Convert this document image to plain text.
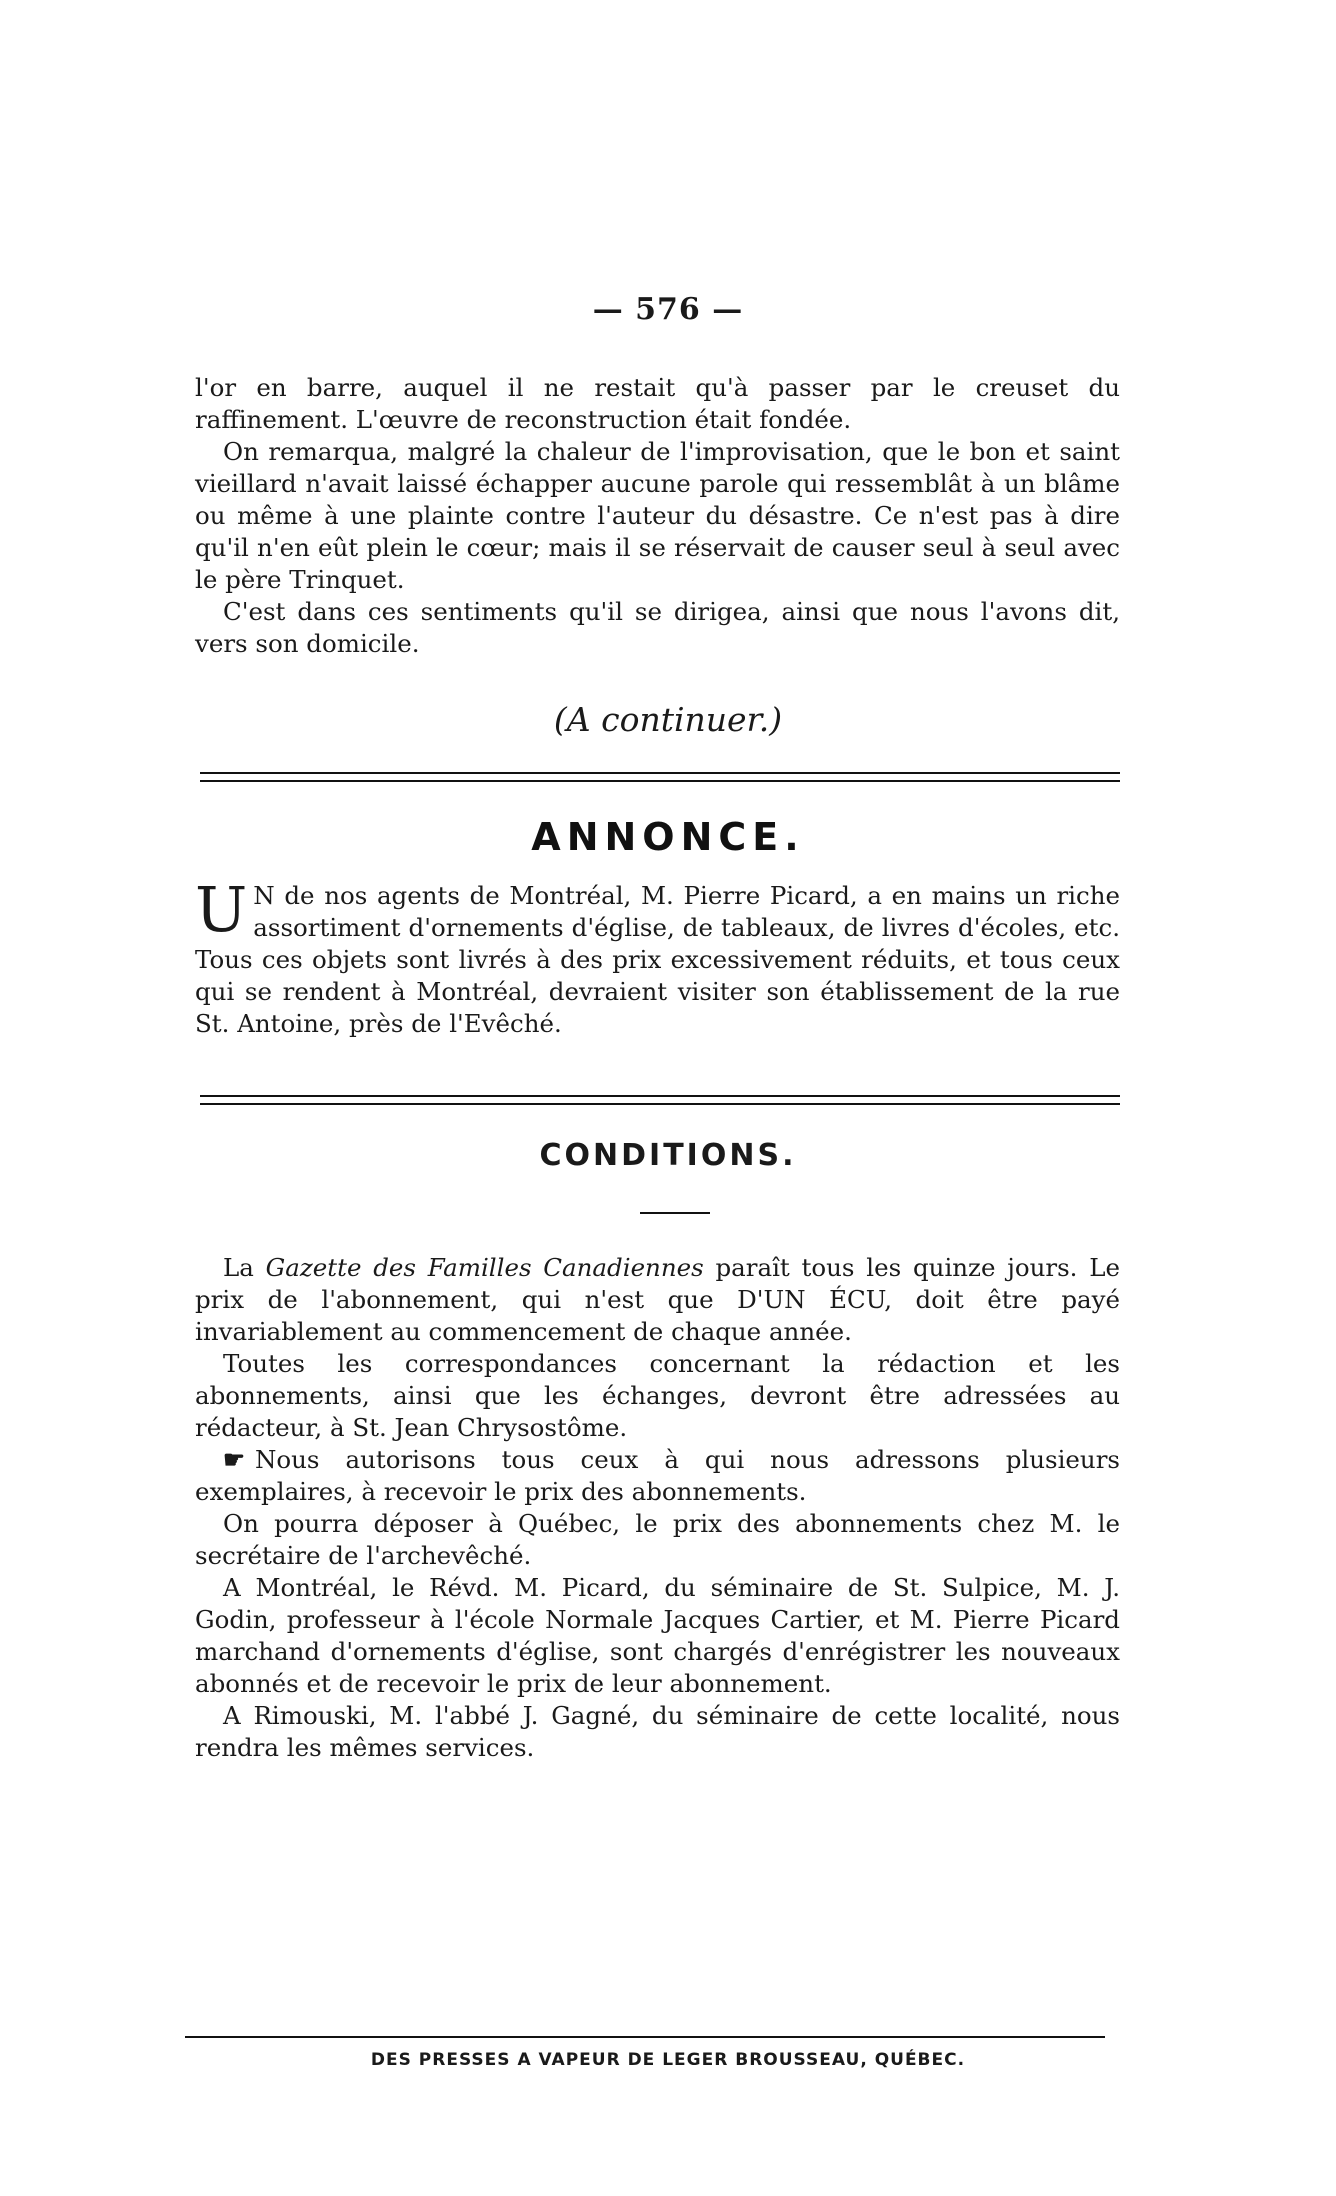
— 576 —

l'or en barre, auquel il ne restait qu'à passer par le creuset du raffinement. L'œuvre de reconstruction était fondée.

On remarqua, malgré la chaleur de l'improvisation, que le bon et saint vieillard n'avait laissé échapper aucune parole qui ressemblât à un blâme ou même à une plainte contre l'auteur du désastre. Ce n'est pas à dire qu'il n'en eût plein le cœur; mais il se réservait de causer seul à seul avec le père Trinquet.

C'est dans ces sentiments qu'il se dirigea, ainsi que nous l'avons dit, vers son domicile.

(A continuer.)
ANNONCE.

U N de nos agents de Montréal, M. Pierre Picard, a en mains un riche assortiment d'ornements d'église, de tableaux, de livres d'écoles, etc. Tous ces objets sont livrés à des prix excessivement réduits, et tous ceux qui se rendent à Montréal, devraient visiter son établissement de la rue St. Antoine, près de l'Evêché.

CONDITIONS.

La Gazette des Familles Canadiennes paraît tous les quinze jours. Le prix de l'abonnement, qui n'est que D'UN ÉCU, doit être payé invariablement au commencement de chaque année.

Toutes les correspondances concernant la rédaction et les abonnements, ainsi que les échanges, devront être adressées au rédacteur, à St. Jean Chrysostôme.

☛ Nous autorisons tous ceux à qui nous adressons plusieurs exemplaires, à recevoir le prix des abonnements.

On pourra déposer à Québec, le prix des abonnements chez M. le secrétaire de l'archevêché.

A Montréal, le Révd. M. Picard, du séminaire de St. Sulpice, M. J. Godin, professeur à l'école Normale Jacques Cartier, et M. Pierre Picard marchand d'ornements d'église, sont chargés d'enrégistrer les nouveaux abonnés et de recevoir le prix de leur abonnement.

A Rimouski, M. l'abbé J. Gagné, du séminaire de cette localité, nous rendra les mêmes services.

DES PRESSES A VAPEUR DE LEGER BROUSSEAU, QUÉBEC.
